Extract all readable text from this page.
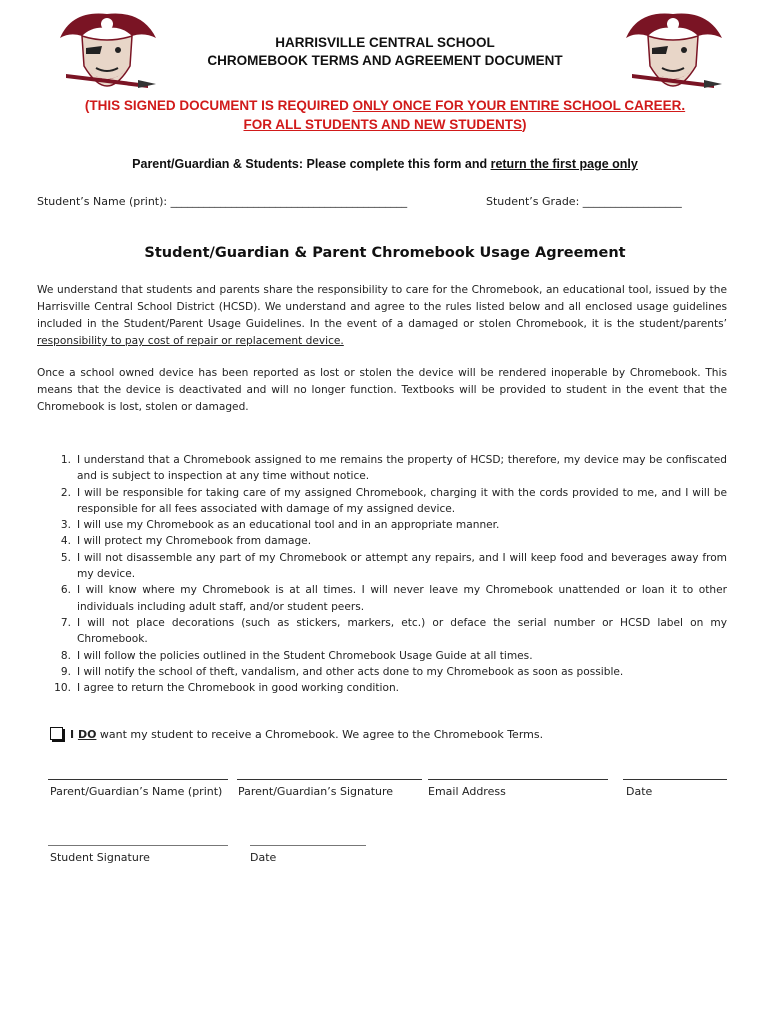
HARRISVILLE CENTRAL SCHOOL
CHROMEBOOK TERMS AND AGREEMENT DOCUMENT
(THIS SIGNED DOCUMENT IS REQUIRED ONLY ONCE FOR YOUR ENTIRE SCHOOL CAREER.
FOR ALL STUDENTS AND NEW STUDENTS)
Parent/Guardian & Students: Please complete this form and return the first page only
Student’s Name (print): ___________________________________________	Student’s Grade: __________________
Student/Guardian & Parent Chromebook Usage Agreement
We understand that students and parents share the responsibility to care for the Chromebook, an educational tool, issued by the Harrisville Central School District (HCSD). We understand and agree to the rules listed below and all enclosed usage guidelines included in the Student/Parent Usage Guidelines. In the event of a damaged or stolen Chromebook, it is the student/parents’ responsibility to pay cost of repair or replacement device.
Once a school owned device has been reported as lost or stolen the device will be rendered inoperable by Chromebook. This means that the device is deactivated and will no longer function. Textbooks will be provided to student in the event that the Chromebook is lost, stolen or damaged.
1. I understand that a Chromebook assigned to me remains the property of HCSD; therefore, my device may be confiscated and is subject to inspection at any time without notice.
2. I will be responsible for taking care of my assigned Chromebook, charging it with the cords provided to me, and I will be responsible for all fees associated with damage of my assigned device.
3. I will use my Chromebook as an educational tool and in an appropriate manner.
4. I will protect my Chromebook from damage.
5. I will not disassemble any part of my Chromebook or attempt any repairs, and I will keep food and beverages away from my device.
6. I will know where my Chromebook is at all times. I will never leave my Chromebook unattended or loan it to other individuals including adult staff, and/or student peers.
7. I will not place decorations (such as stickers, markers, etc.) or deface the serial number or HCSD label on my Chromebook.
8. I will follow the policies outlined in the Student Chromebook Usage Guide at all times.
9. I will notify the school of theft, vandalism, and other acts done to my Chromebook as soon as possible.
10. I agree to return the Chromebook in good working condition.
I DO want my student to receive a Chromebook. We agree to the Chromebook Terms.
Parent/Guardian’s Name (print) Parent/Guardian’s Signature	Email Address	Date
Student Signature	Date
